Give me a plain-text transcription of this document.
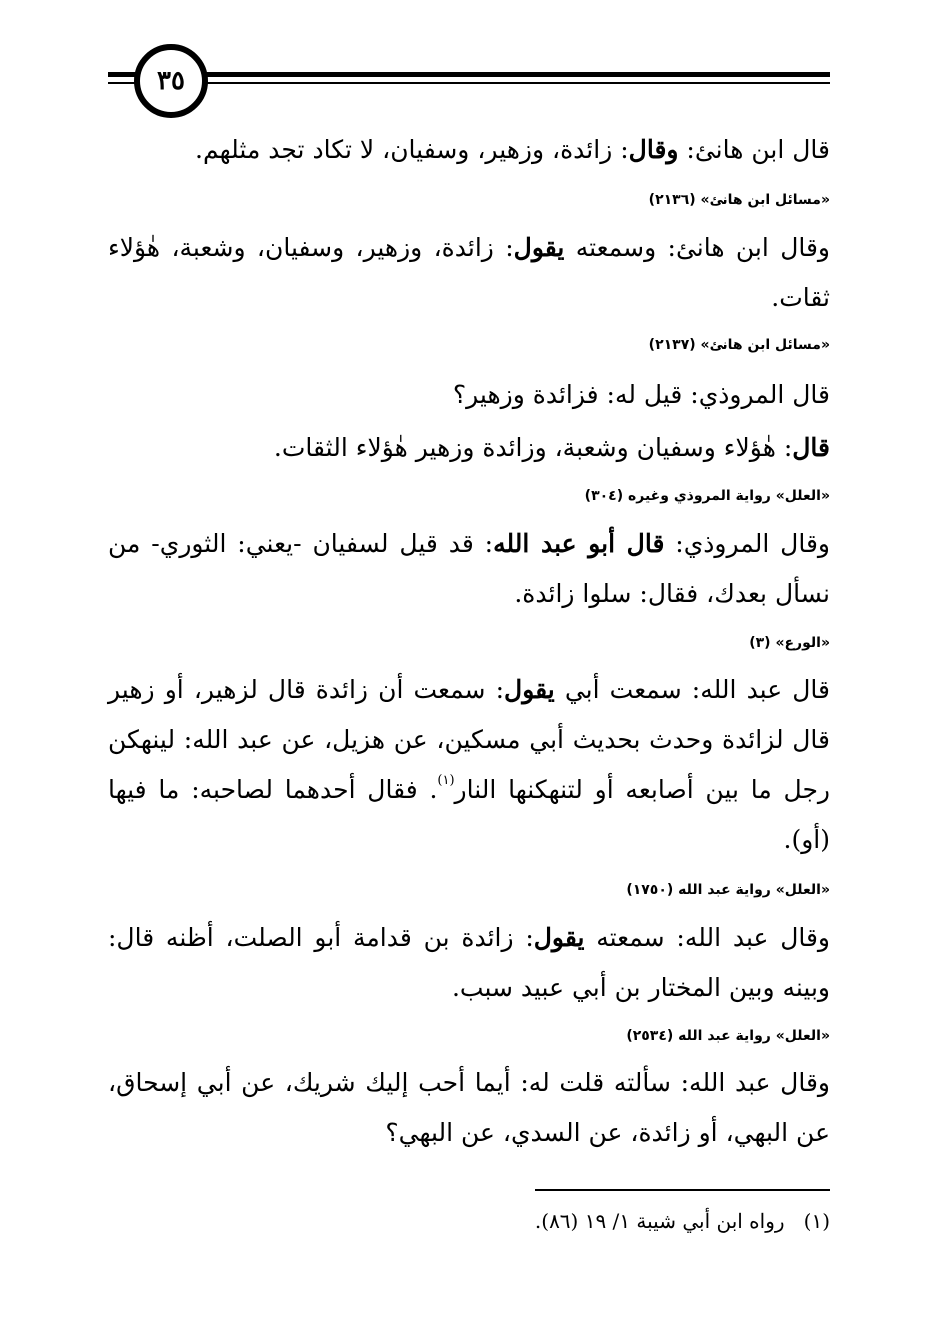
٣٥

قال ابن هانئ: وقال: زائدة، وزهير، وسفيان، لا تكاد تجد مثلهم.

«مسائل ابن هانئ» (٢١٣٦)

وقال ابن هانئ: وسمعته يقول: زائدة، وزهير، وسفيان، وشعبة، هٰؤلاء ثقات.

«مسائل ابن هانئ» (٢١٣٧)

قال المروذي: قيل له: فزائدة وزهير؟

قال: هٰؤلاء وسفيان وشعبة، وزائدة وزهير هٰؤلاء الثقات.

«العلل» رواية المروذي وغيره (٣٠٤)

وقال المروذي: قال أبو عبد الله: قد قيل لسفيان -يعني: الثوري- من نسأل بعدك، فقال: سلوا زائدة.

«الورع» (٣)

قال عبد الله: سمعت أبي يقول: سمعت أن زائدة قال لزهير، أو زهير قال لزائدة وحدث بحديث أبي مسكين، عن هزيل، عن عبد الله: لينهكن رجل ما بين أصابعه أو لتنهكنها النار$^{(١)}$. فقال أحدهما لصاحبه: ما فيها (أو).

«العلل» رواية عبد الله (١٧٥٠)

وقال عبد الله: سمعته يقول: زائدة بن قدامة أبو الصلت، أظنه قال: وبينه وبين المختار بن أبي عبيد سبب.

«العلل» رواية عبد الله (٢٥٣٤)

وقال عبد الله: سألته قلت له: أيما أحب إليك شريك، عن أبي إسحاق، عن البهي، أو زائدة، عن السدي، عن البهي؟

(١)   رواه ابن أبي شيبة ١/ ١٩ (٨٦).
